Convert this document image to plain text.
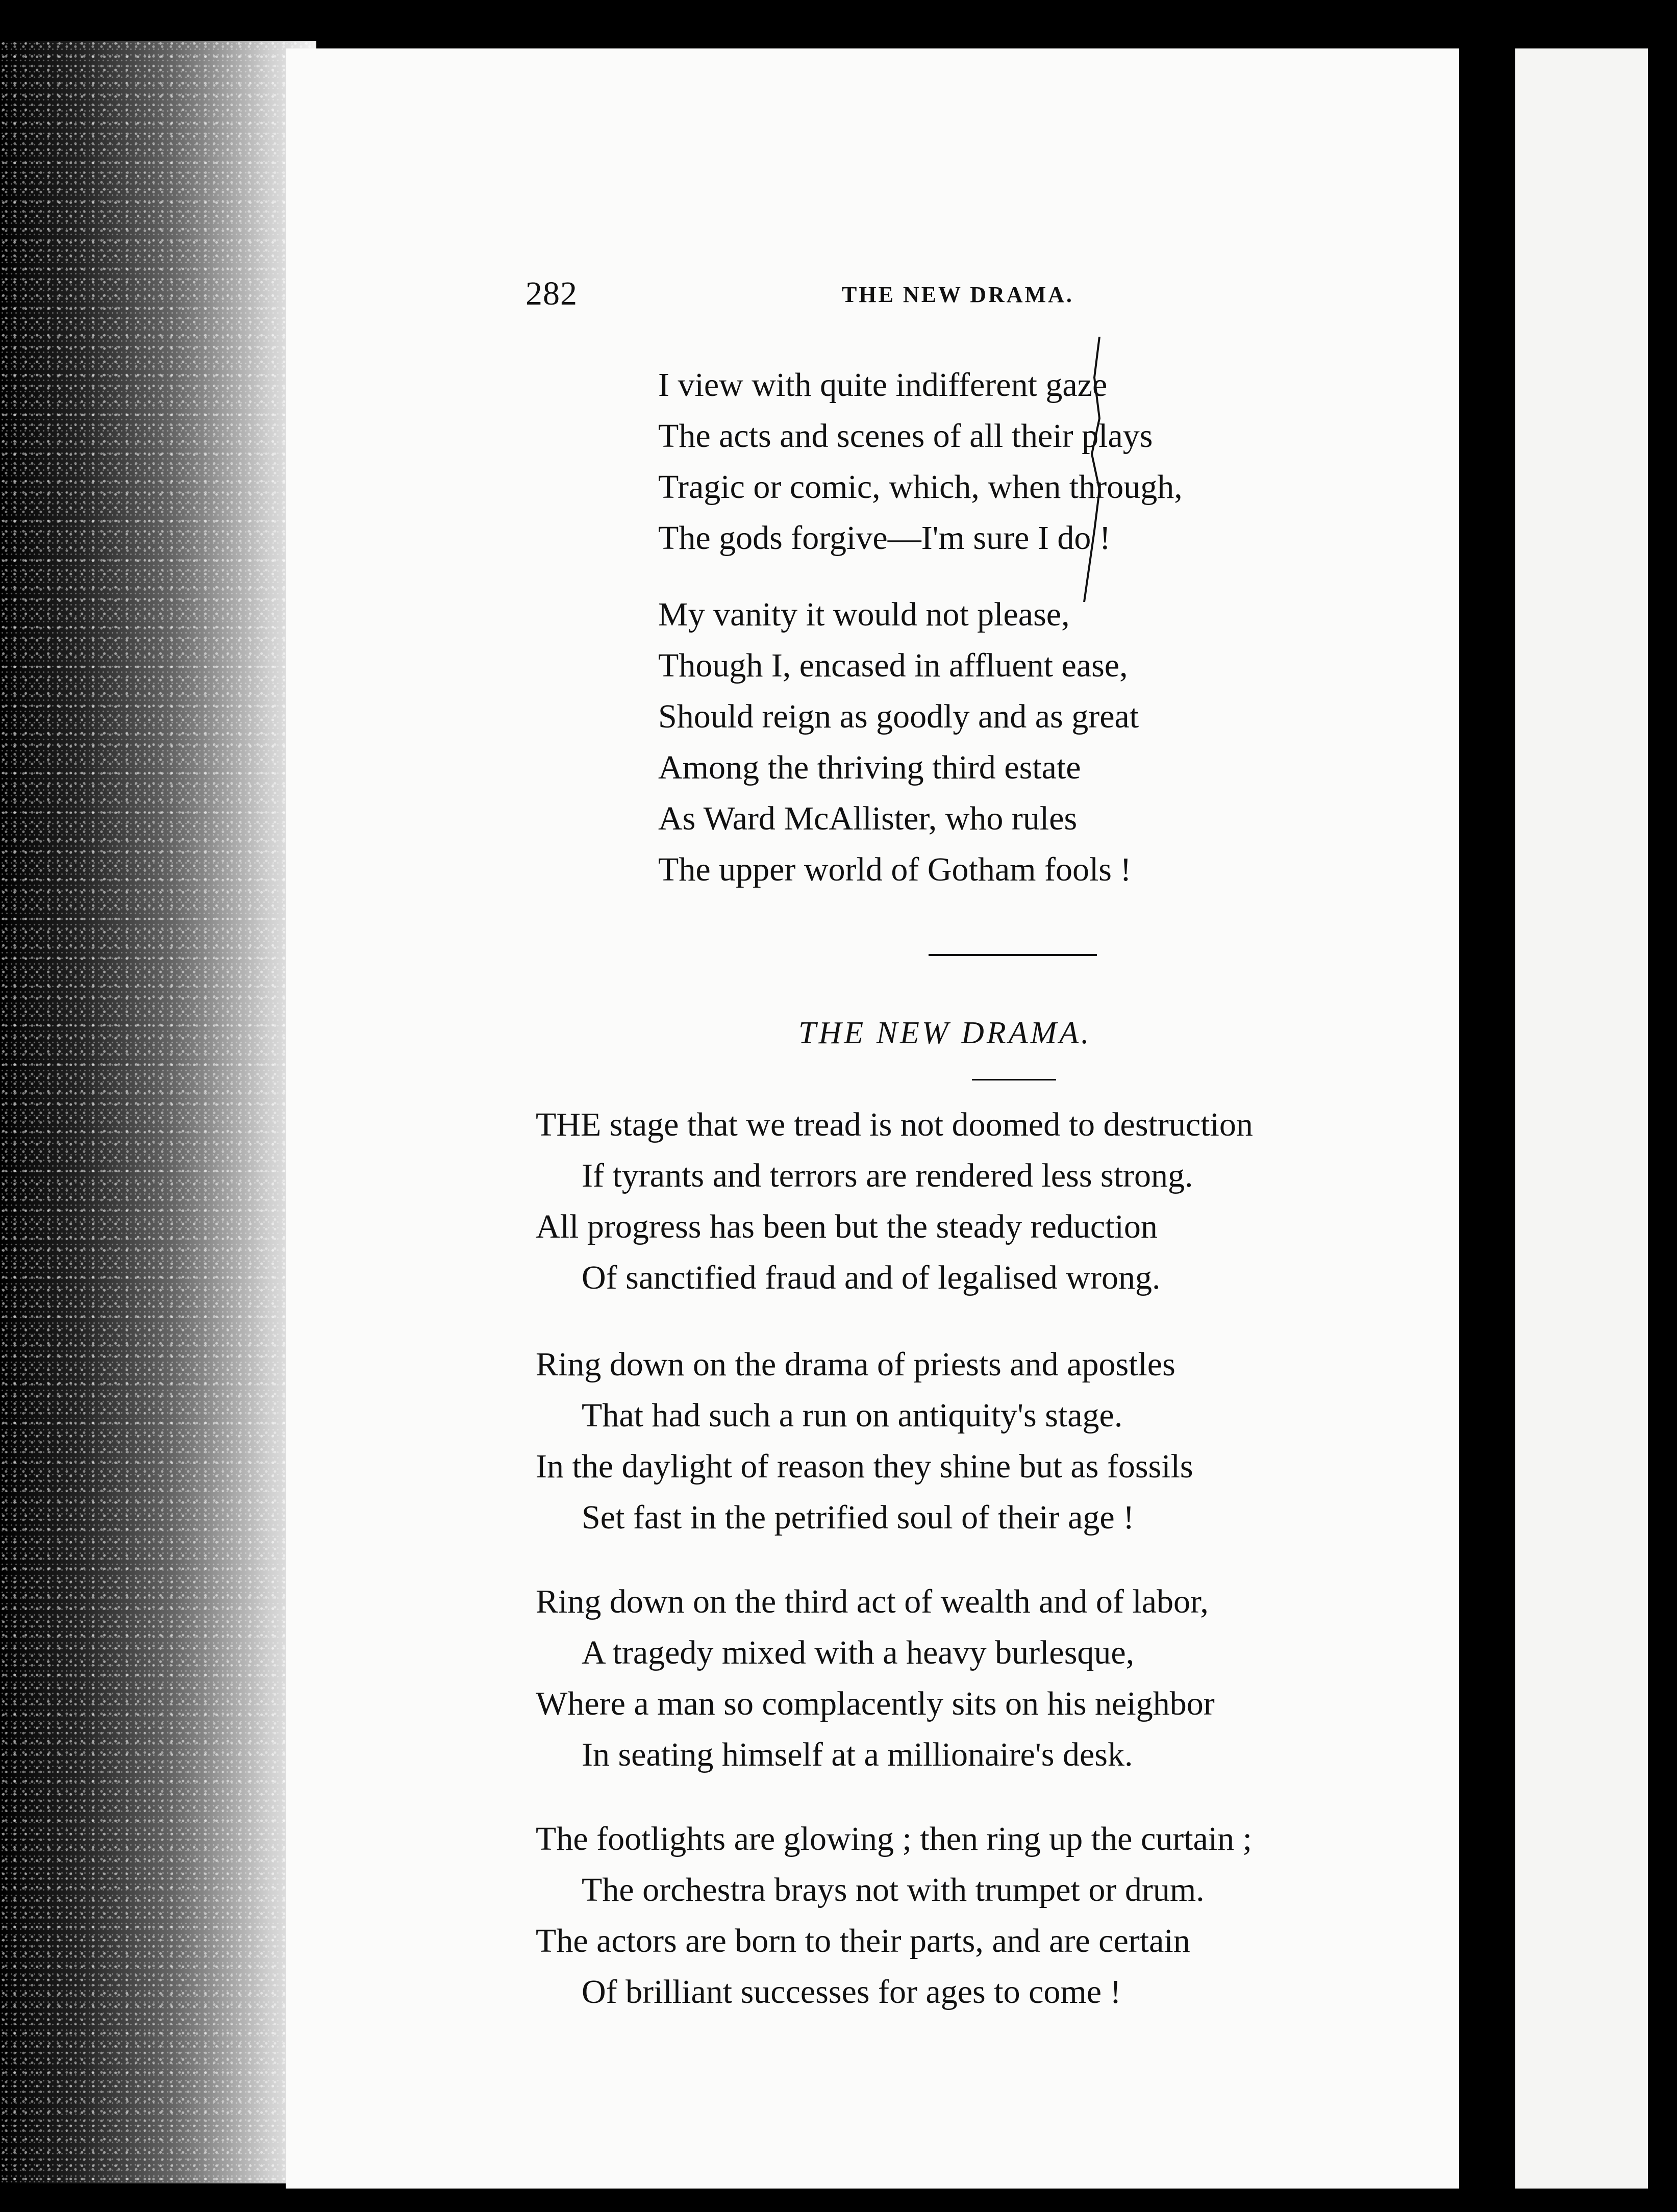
282	THE NEW DRAMA.
I view with quite indifferent gaze
The acts and scenes of all their plays
Tragic or comic, which, when through,
The gods forgive—I'm sure I do !
My vanity it would not please,
Though I, encased in affluent ease,
Should reign as goodly and as great
Among the thriving third estate
As Ward McAllister, who rules
The upper world of Gotham fools !
THE NEW DRAMA.
THE stage that we tread is not doomed to destruction
If tyrants and terrors are rendered less strong.
All progress has been but the steady reduction
Of sanctified fraud and of legalised wrong.
Ring down on the drama of priests and apostles
That had such a run on antiquity's stage.
In the daylight of reason they shine but as fossils
Set fast in the petrified soul of their age !
Ring down on the third act of wealth and of labor,
A tragedy mixed with a heavy burlesque,
Where a man so complacently sits on his neighbor
In seating himself at a millionaire's desk.
The footlights are glowing ; then ring up the curtain ;
The orchestra brays not with trumpet or drum.
The actors are born to their parts, and are certain
Of brilliant successes for ages to come !
